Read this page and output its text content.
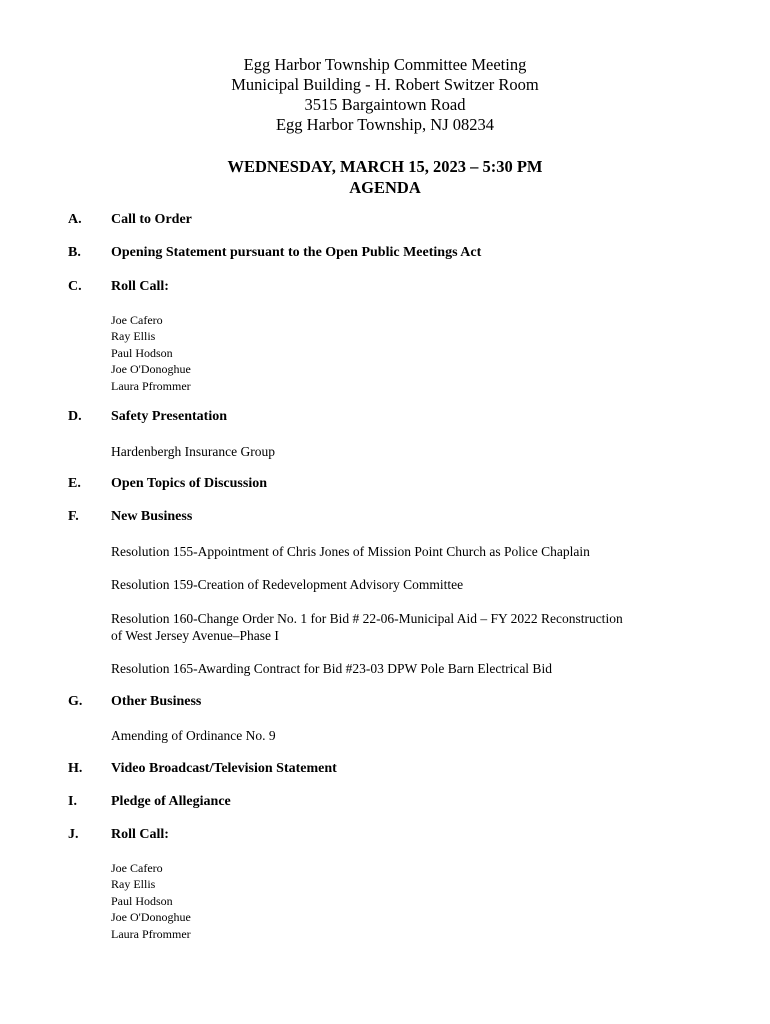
Egg Harbor Township Committee Meeting
Municipal Building - H. Robert Switzer Room
3515 Bargaintown Road
Egg Harbor Township, NJ 08234
WEDNESDAY, MARCH 15, 2023 – 5:30 PM
AGENDA
A. Call to Order
B. Opening Statement pursuant to the Open Public Meetings Act
C. Roll Call:
Joe Cafero
Ray Ellis
Paul Hodson
Joe O'Donoghue
Laura Pfrommer
D. Safety Presentation
Hardenbergh Insurance Group
E. Open Topics of Discussion
F. New Business
Resolution 155-Appointment of Chris Jones of Mission Point Church as Police Chaplain
Resolution 159-Creation of Redevelopment Advisory Committee
Resolution 160-Change Order No. 1 for Bid # 22-06-Municipal Aid – FY 2022 Reconstruction
of West Jersey Avenue–Phase I
Resolution 165-Awarding Contract for Bid #23-03 DPW Pole Barn Electrical Bid
G. Other Business
Amending of Ordinance No. 9
H. Video Broadcast/Television Statement
I. Pledge of Allegiance
J. Roll Call:
Joe Cafero
Ray Ellis
Paul Hodson
Joe O'Donoghue
Laura Pfrommer
